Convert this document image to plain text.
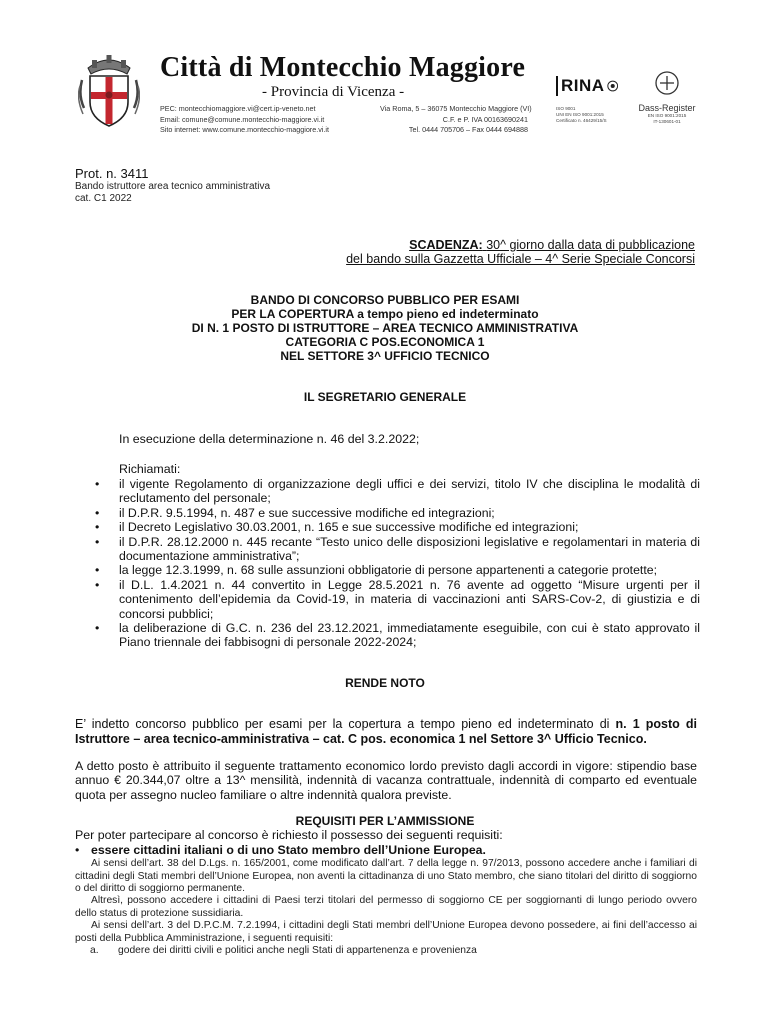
Città di Montecchio Maggiore
- Provincia di Vicenza -
PEC: montecchiomaggiore.vi@cert.ip-veneto.net
Email: comune@comune.montecchio-maggiore.vi.it
Sito internet: www.comune.montecchio-maggiore.vi.it
Via Roma, 5 – 36075 Montecchio Maggiore (VI)
C.F. e P. IVA 00163690241
Tel. 0444 705706 – Fax 0444 694888
RINA
ISO 9001
UNI EN ISO 9001:2015
Certificato n. 46429/15/S
Dass-Register
EN ISO 9001:2015
IT-130601-01
Prot. n. 3411
Bando istruttore area tecnico amministrativa
cat. C1 2022
SCADENZA: 30^ giorno dalla data di pubblicazione
del bando sulla Gazzetta Ufficiale – 4^ Serie Speciale Concorsi
BANDO DI CONCORSO PUBBLICO PER ESAMI
PER LA COPERTURA a tempo pieno ed indeterminato
DI N. 1 POSTO DI ISTRUTTORE – AREA TECNICO AMMINISTRATIVA
CATEGORIA C POS.ECONOMICA 1
NEL SETTORE 3^ UFFICIO TECNICO
IL SEGRETARIO GENERALE
In esecuzione della determinazione n. 46 del 3.2.2022;
Richiamati:
• il vigente Regolamento di organizzazione degli uffici e dei servizi, titolo IV che disciplina le modalità di reclutamento del personale;
• il D.P.R. 9.5.1994, n. 487 e sue successive modifiche ed integrazioni;
• il Decreto Legislativo 30.03.2001, n. 165 e sue successive modifiche ed integrazioni;
• il D.P.R. 28.12.2000 n. 445 recante “Testo unico delle disposizioni legislative e regolamentari in materia di documentazione amministrativa”;
• la legge 12.3.1999, n. 68 sulle assunzioni obbligatorie di persone appartenenti a categorie protette;
• il D.L. 1.4.2021 n. 44 convertito in Legge 28.5.2021 n. 76 avente ad oggetto “Misure urgenti per il contenimento dell’epidemia da Covid-19, in materia di vaccinazioni anti SARS-Cov-2, di giustizia e di concorsi pubblici;
• la deliberazione di G.C. n. 236 del 23.12.2021, immediatamente eseguibile, con cui è stato approvato il Piano triennale dei fabbisogni di personale 2022-2024;
RENDE NOTO
E’ indetto concorso pubblico per esami per la copertura a tempo pieno ed indeterminato di n. 1 posto di Istruttore – area tecnico-amministrativa – cat. C pos. economica 1 nel Settore 3^ Ufficio Tecnico.
A detto posto è attribuito il seguente trattamento economico lordo previsto dagli accordi in vigore: stipendio base annuo € 20.344,07 oltre a 13^ mensilità, indennità di vacanza contrattuale, indennità di comparto ed eventuale quota per assegno nucleo familiare o altre indennità qualora previste.
REQUISITI PER L’AMMISSIONE
Per poter partecipare al concorso è richiesto il possesso dei seguenti requisiti:
• essere cittadini italiani o di uno Stato membro dell’Unione Europea.
Ai sensi dell’art. 38 del D.Lgs. n. 165/2001, come modificato dall’art. 7 della legge n. 97/2013, possono accedere anche i familiari di cittadini degli Stati membri dell’Unione Europea, non aventi la cittadinanza di uno Stato membro, che siano titolari del diritto di soggiorno o del diritto di soggiorno permanente.
Altresì, possono accedere i cittadini di Paesi terzi titolari del permesso di soggiorno CE per soggiornanti di lungo periodo ovvero dello status di protezione sussidiaria.
Ai sensi dell’art. 3 del D.P.C.M. 7.2.1994, i cittadini degli Stati membri dell’Unione Europea devono possedere, ai fini dell’accesso ai posti della Pubblica Amministrazione, i seguenti requisiti:
a. godere dei diritti civili e politici anche negli Stati di appartenenza e provenienza
